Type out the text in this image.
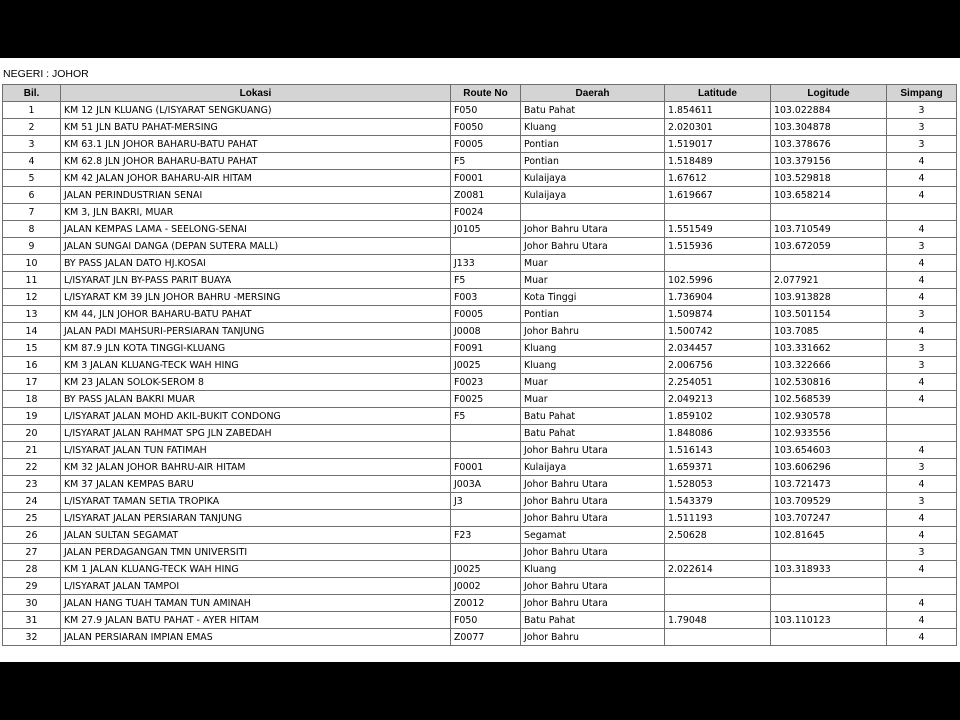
NEGERI : JOHOR
Bil.	Lokasi	Route No	Daerah	Latitude	Logitude	Simpang
1	KM 12 JLN KLUANG (L/ISYARAT SENGKUANG)	F050	Batu Pahat	1.854611	103.022884	3
2	KM 51 JLN BATU PAHAT-MERSING	F0050	Kluang	2.020301	103.304878	3
3	KM 63.1 JLN JOHOR BAHARU-BATU PAHAT	F0005	Pontian	1.519017	103.378676	3
4	KM 62.8 JLN JOHOR BAHARU-BATU PAHAT	F5	Pontian	1.518489	103.379156	4
5	KM 42 JALAN JOHOR BAHARU-AIR HITAM	F0001	Kulaijaya	1.67612	103.529818	4
6	JALAN PERINDUSTRIAN SENAI	Z0081	Kulaijaya	1.619667	103.658214	4
7	KM 3, JLN BAKRI, MUAR	F0024				
8	JALAN KEMPAS LAMA - SEELONG-SENAI	J0105	Johor Bahru Utara	1.551549	103.710549	4
9	JALAN SUNGAI DANGA (DEPAN SUTERA MALL)		Johor Bahru Utara	1.515936	103.672059	3
10	BY PASS JALAN DATO HJ.KOSAI	J133	Muar			4
11	L/ISYARAT JLN BY-PASS PARIT BUAYA	F5	Muar	102.5996	2.077921	4
12	L/ISYARAT KM 39 JLN JOHOR BAHRU -MERSING	F003	Kota Tinggi	1.736904	103.913828	4
13	KM 44, JLN JOHOR BAHARU-BATU PAHAT	F0005	Pontian	1.509874	103.501154	3
14	JALAN PADI MAHSURI-PERSIARAN TANJUNG	J0008	Johor Bahru	1.500742	103.7085	4
15	KM 87.9 JLN KOTA TINGGI-KLUANG	F0091	Kluang	2.034457	103.331662	3
16	KM 3 JALAN KLUANG-TECK WAH HING	J0025	Kluang	2.006756	103.322666	3
17	KM 23 JALAN SOLOK-SEROM 8	F0023	Muar	2.254051	102.530816	4
18	BY PASS JALAN BAKRI MUAR	F0025	Muar	2.049213	102.568539	4
19	L/ISYARAT JALAN MOHD AKIL-BUKIT CONDONG	F5	Batu Pahat	1.859102	102.930578	
20	L/ISYARAT JALAN RAHMAT SPG JLN ZABEDAH		Batu Pahat	1.848086	102.933556	
21	L/ISYARAT JALAN TUN FATIMAH		Johor Bahru Utara	1.516143	103.654603	4
22	KM 32 JALAN JOHOR BAHRU-AIR HITAM	F0001	Kulaijaya	1.659371	103.606296	3
23	KM 37 JALAN KEMPAS BARU	J003A	Johor Bahru Utara	1.528053	103.721473	4
24	L/ISYARAT TAMAN SETIA TROPIKA	J3	Johor Bahru Utara	1.543379	103.709529	3
25	L/ISYARAT JALAN PERSIARAN TANJUNG		Johor Bahru Utara	1.511193	103.707247	4
26	JALAN SULTAN SEGAMAT	F23	Segamat	2.50628	102.81645	4
27	JALAN PERDAGANGAN TMN UNIVERSITI		Johor Bahru Utara			3
28	KM 1 JALAN KLUANG-TECK WAH HING	J0025	Kluang	2.022614	103.318933	4
29	L/ISYARAT JALAN TAMPOI	J0002	Johor Bahru Utara			
30	JALAN HANG TUAH TAMAN TUN AMINAH	Z0012	Johor Bahru Utara			4
31	KM 27.9 JALAN BATU PAHAT - AYER HITAM	F050	Batu Pahat	1.79048	103.110123	4
32	JALAN PERSIARAN IMPIAN EMAS	Z0077	Johor Bahru			4
